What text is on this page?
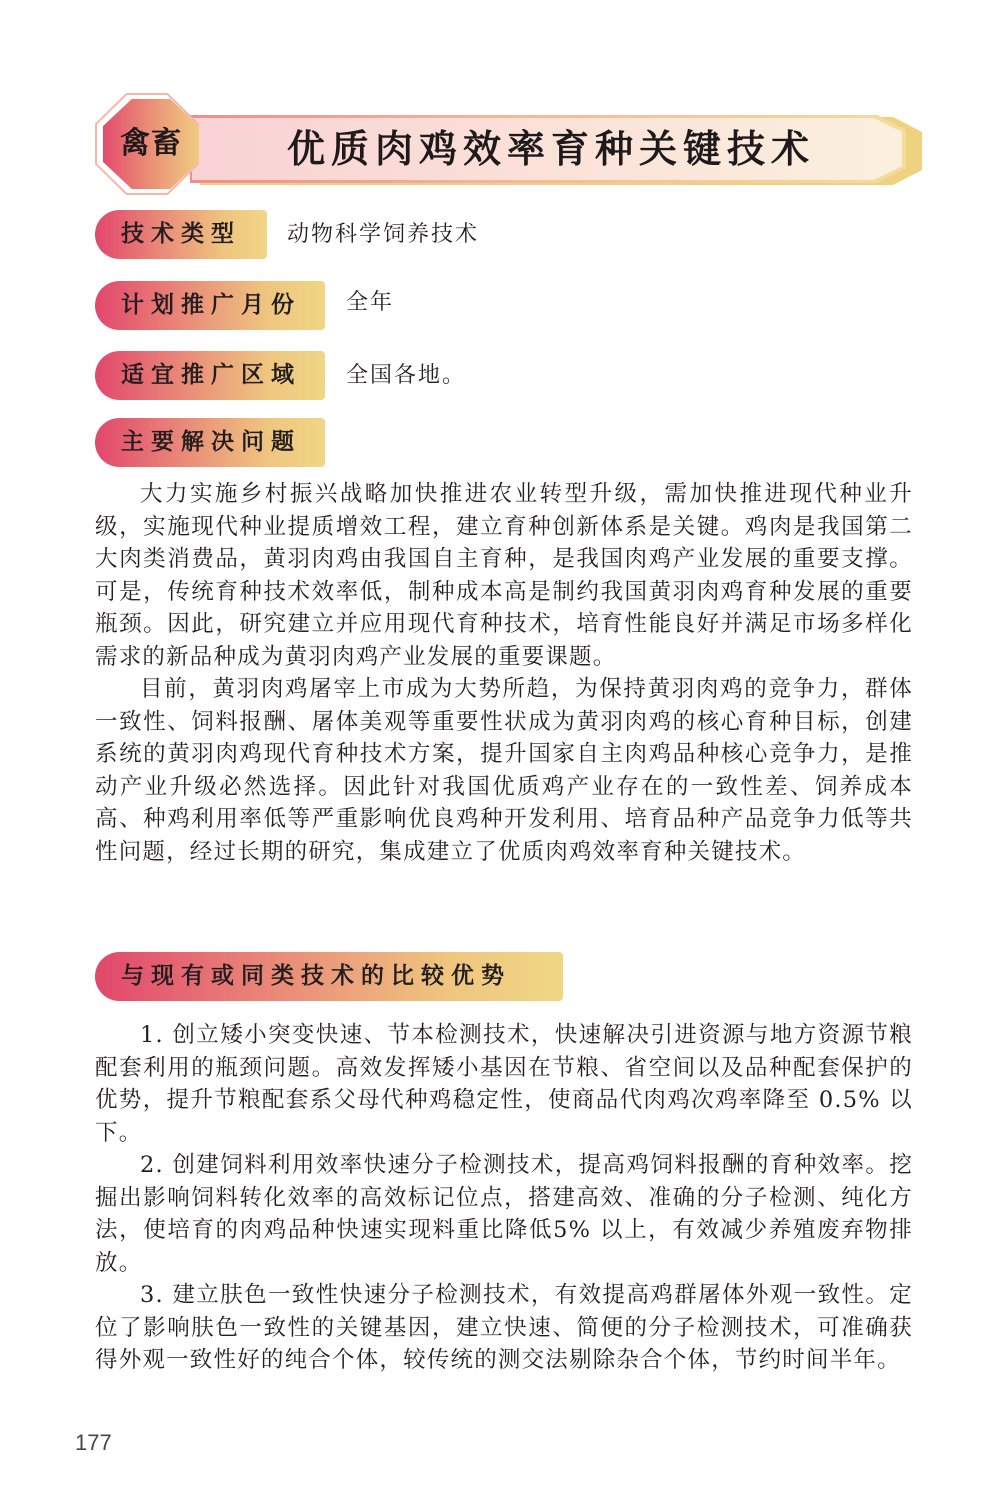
优质肉鸡效率育种关键技术
禽畜
技术类型	动物科学饲养技术
计划推广月份	全年
适宜推广区域	全国各地。
主要解决问题

大力实施乡村振兴战略加快推进农业转型升级，需加快推进现代种业升级，实施现代种业提质增效工程，建立育种创新体系是关键。鸡肉是我国第二大肉类消费品，黄羽肉鸡由我国自主育种，是我国肉鸡产业发展的重要支撑。可是，传统育种技术效率低，制种成本高是制约我国黄羽肉鸡育种发展的重要瓶颈。因此，研究建立并应用现代育种技术，培育性能良好并满足市场多样化需求的新品种成为黄羽肉鸡产业发展的重要课题。

目前，黄羽肉鸡屠宰上市成为大势所趋，为保持黄羽肉鸡的竞争力，群体一致性、饲料报酬、屠体美观等重要性状成为黄羽肉鸡的核心育种目标，创建系统的黄羽肉鸡现代育种技术方案，提升国家自主肉鸡品种核心竞争力，是推动产业升级必然选择。因此针对我国优质鸡产业存在的一致性差、饲养成本高、种鸡利用率低等严重影响优良鸡种开发利用、培育品种产品竞争力低等共性问题，经过长期的研究，集成建立了优质肉鸡效率育种关键技术。

与现有或同类技术的比较优势

1. 创立矮小突变快速、节本检测技术，快速解决引进资源与地方资源节粮配套利用的瓶颈问题。高效发挥矮小基因在节粮、省空间以及品种配套保护的优势，提升节粮配套系父母代种鸡稳定性，使商品代肉鸡次鸡率降至 0.5% 以下。

2. 创建饲料利用效率快速分子检测技术，提高鸡饲料报酬的育种效率。挖掘出影响饲料转化效率的高效标记位点，搭建高效、准确的分子检测、纯化方法，使培育的肉鸡品种快速实现料重比降低5% 以上，有效减少养殖废弃物排放。

3. 建立肤色一致性快速分子检测技术，有效提高鸡群屠体外观一致性。定位了影响肤色一致性的关键基因，建立快速、简便的分子检测技术，可准确获得外观一致性好的纯合个体，较传统的测交法剔除杂合个体，节约时间半年。

177
